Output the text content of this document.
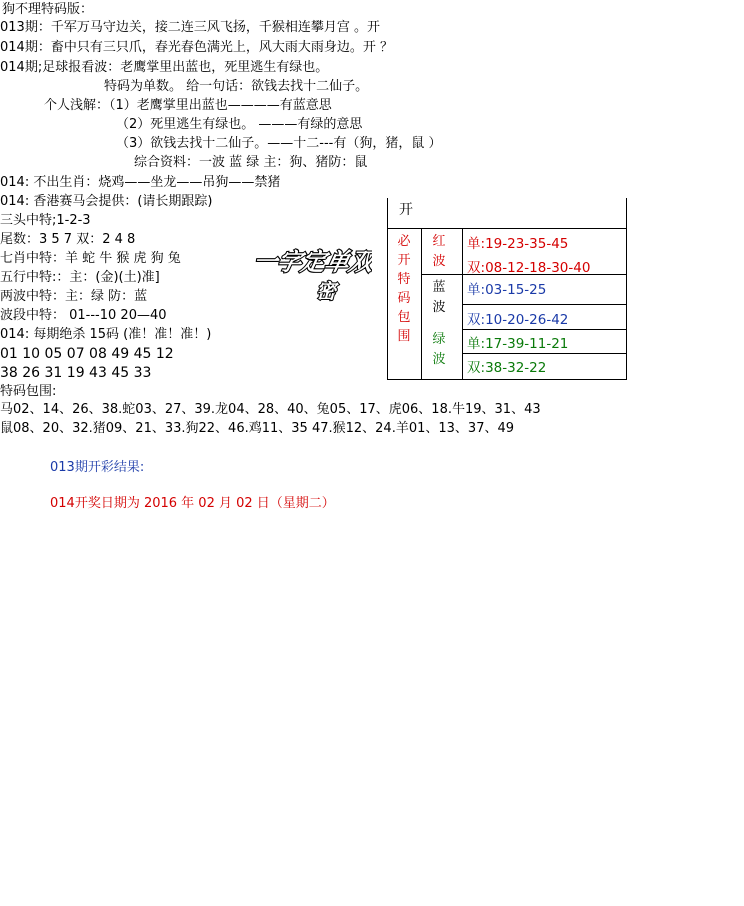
狗不理特码版：
013期：千军万马守边关，接二连三风飞扬，千猴相连攀月宫 。开
014期：畜中只有三只爪，春光春色满光上，风大雨大雨身边。开 ？
014期;足球报看波：老鹰掌里出蓝也，死里逃生有绿也。
特码为单数。 给一句话：欲钱去找十二仙子。
个人浅解：（1）老鹰掌里出蓝也————有蓝意思
（2）死里逃生有绿也。 ———有绿的意思
（3）欲钱去找十二仙子。——十二---有（狗，猪，鼠 ）
综合资料：一波 蓝 绿 主：狗、猪防：鼠
014: 不出生肖：烧鸡——坐龙——吊狗——禁猪
014: 香港赛马会提供：(请长期跟踪)
三头中特;1-2-3
尾数：3 5 7 双：2 4 8
七肖中特：羊 蛇 牛 猴 虎 狗 兔
五行中特:：主：(金)(土)准]
两波中特：主：绿 防：蓝
波段中特： 01---10 20—40
014: 每期绝杀 15码 (准！准！准！)
01 10 05 07 08 49 45 12
38 26 31 19 43 45 33
特码包围:
马02、14、26、38.蛇03、27、39.龙04、28、40、兔05、17、虎06、18.牛19、31、43
鼠08、20、32.猪09、21、33.狗22、46.鸡11、35 47.猴12、24.羊01、13、37、49
013期开彩结果:
014开奖日期为 2016 年 02 月 02 日（星期二）
一字定单双
密
开
必开特码包围
红波
蓝波
绿波
单:19-23-35-45
双:08-12-18-30-40
单:03-15-25
双:10-20-26-42
单:17-39-11-21
双:38-32-22
